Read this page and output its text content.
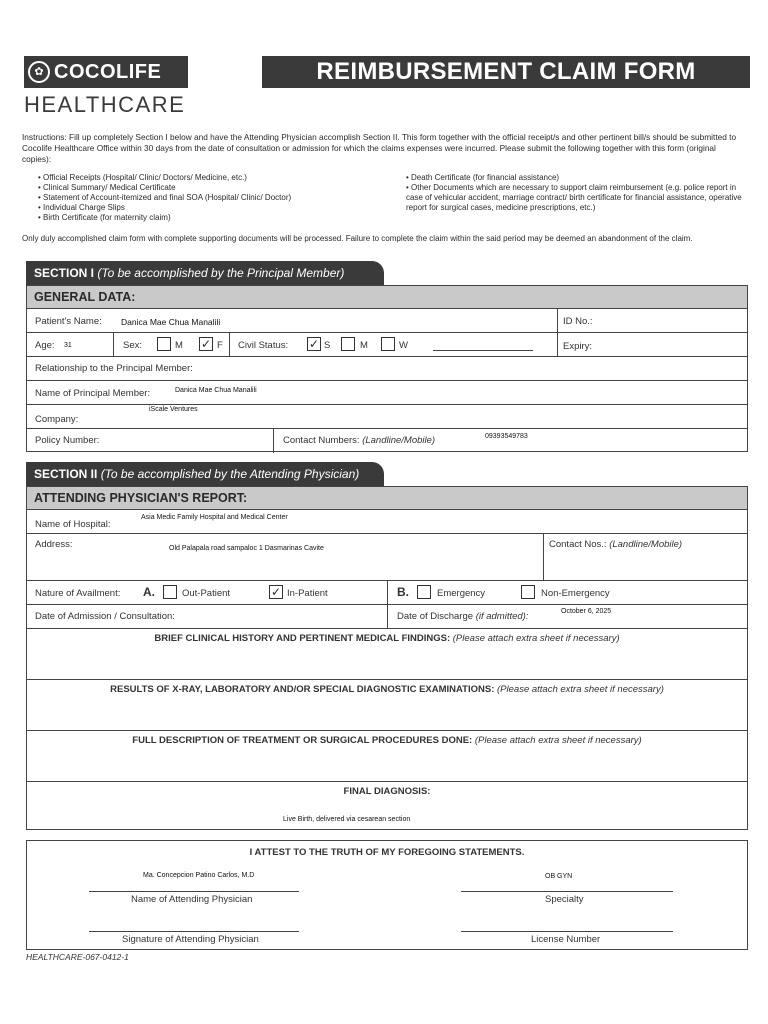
✿ COCOLIFE
HEALTHCARE
REIMBURSEMENT CLAIM FORM
Instructions: Fill up completely Section I below and have the Attending Physician accomplish Section II. This form together with the official receipt/s and other pertinent bill/s should be submitted to Cocolife Healthcare Office within 30 days from the date of consultation or admission for which the claims expenses were incurred. Please submit the following together with this form (original copies):
• Official Receipts (Hospital/ Clinic/ Doctors/ Medicine, etc.)
• Clinical Summary/ Medical Certificate
• Statement of Account-itemized and final SOA (Hospital/ Clinic/ Doctor)
• Individual Charge Slips
• Birth Certificate (for maternity claim)
• Death Certificate (for financial assistance)
• Other Documents which are necessary to support claim reimbursement (e.g. police report in case of vehicular accident, marriage contract/ birth certificate for financial assistance, operative report for surgical cases, medicine prescriptions, etc.)
Only duly accomplished claim form with complete supporting documents will be processed. Failure to complete the claim within the said period may be deemed an abandonment of the claim.
SECTION I (To be accomplished by the Principal Member)
GENERAL DATA:
Patient's Name: Danica Mae Chua Manalili	ID No.:
Age: 31	Sex:	M ✓ F Civil Status: ✓ S	M	W	Expiry:
Relationship to the Principal Member:
Name of Principal Member:	Danica Mae Chua Manalili
Company:
iScale Ventures
Policy Number:	Contact Numbers: (Landline/Mobile)	09393549783
SECTION II (To be accomplished by the Attending Physician)
ATTENDING PHYSICIAN'S REPORT:
Name of Hospital:
Asia Medic Family Hospital and Medical Center
Address:	Old Palapala road sampaloc 1 Dasmarinas Cavite	Contact Nos.: (Landline/Mobile)
Nature of Availment: A.	Out-Patient	✓ In-Patient	B.	Emergency	Non-Emergency
Date of Admission / Consultation:	Date of Discharge (if admitted):	October 6, 2025
BRIEF CLINICAL HISTORY AND PERTINENT MEDICAL FINDINGS: (Please attach extra sheet if necessary)
RESULTS OF X-RAY, LABORATORY AND/OR SPECIAL DIAGNOSTIC EXAMINATIONS: (Please attach extra sheet if necessary)
FULL DESCRIPTION OF TREATMENT OR SURGICAL PROCEDURES DONE: (Please attach extra sheet if necessary)
FINAL DIAGNOSIS:
Live Birth, delivered via cesarean section
I ATTEST TO THE TRUTH OF MY FOREGOING STATEMENTS.
Ma. Concepcion Patino Carlos, M.D
Name of Attending Physician
OB GYN
Specialty
Signature of Attending Physician	License Number
HEALTHCARE-067-0412-1
